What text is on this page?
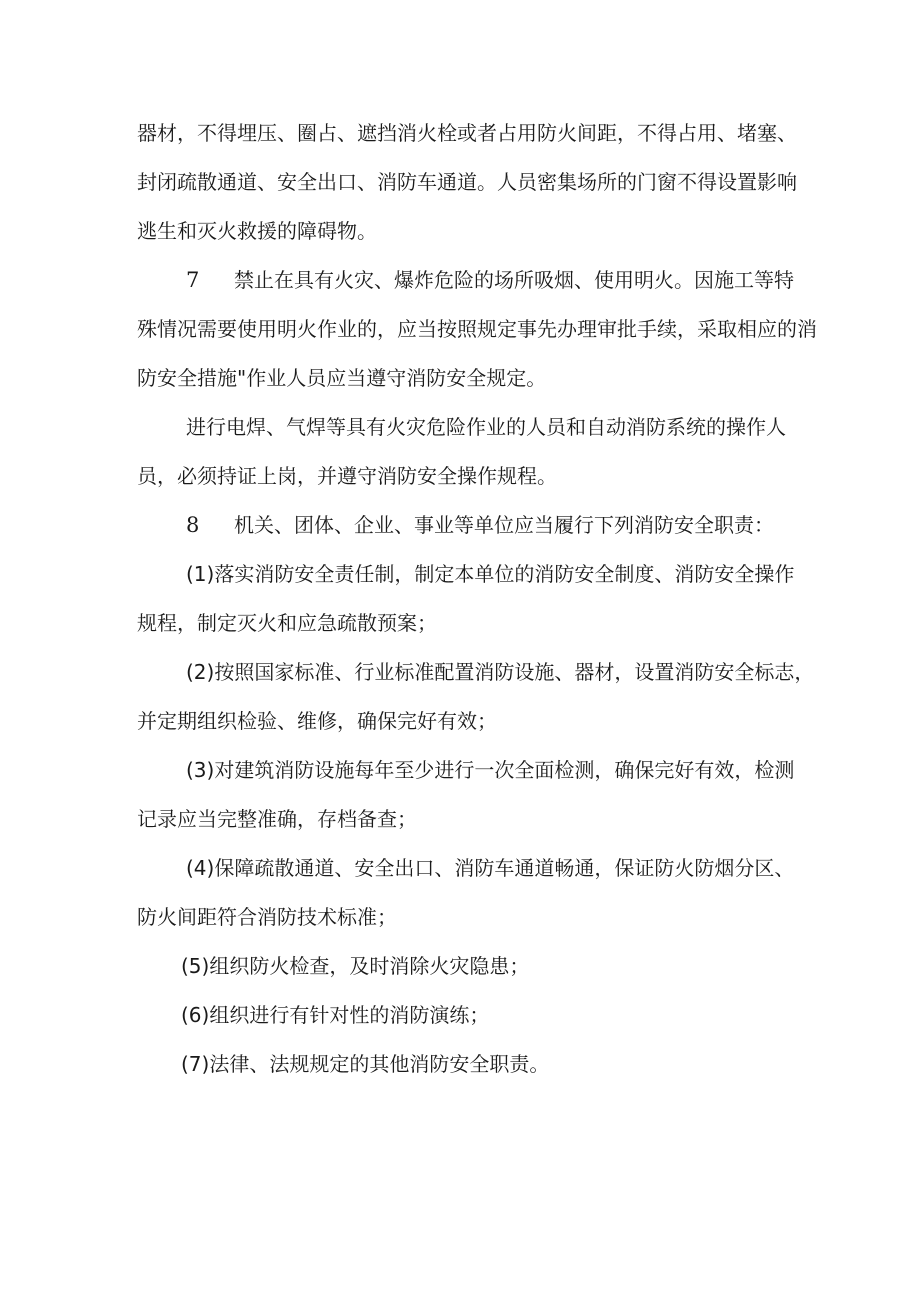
器材，不得埋压、圈占、遮挡消火栓或者占用防火间距，不得占用、堵塞、
封闭疏散通道、安全出口、消防车通道。人员密集场所的门窗不得设置影响
逃生和灭火救援的障碍物。
7 禁止在具有火灾、爆炸危险的场所吸烟、使用明火。因施工等特
殊情况需要使用明火作业的，应当按照规定事先办理审批手续，采取相应的消
防安全措施"作业人员应当遵守消防安全规定。
进行电焊、气焊等具有火灾危险作业的人员和自动消防系统的操作人
员，必须持证上岗，并遵守消防安全操作规程。
8 机关、团体、企业、事业等单位应当履行下列消防安全职责：
(1)落实消防安全责任制，制定本单位的消防安全制度、消防安全操作
规程，制定灭火和应急疏散预案；
(2)按照国家标准、行业标准配置消防设施、器材，设置消防安全标志，
并定期组织检验、维修，确保完好有效；
(3)对建筑消防设施每年至少进行一次全面检测，确保完好有效，检测
记录应当完整准确，存档备查；
(4)保障疏散通道、安全出口、消防车通道畅通，保证防火防烟分区、
防火间距符合消防技术标准；
(5)组织防火检查，及时消除火灾隐患；
(6)组织进行有针对性的消防演练；
(7)法律、法规规定的其他消防安全职责。
